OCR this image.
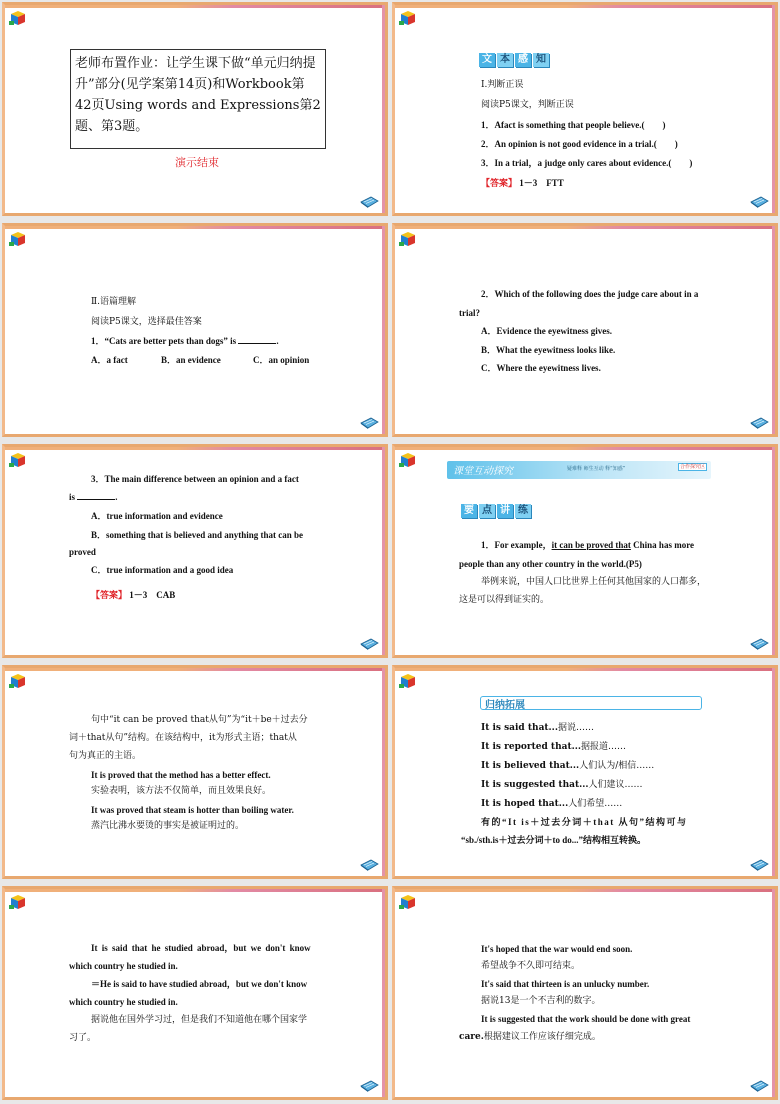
老师布置作业：让学生课下做“单元归纳提升”部分(见学案第14页)和Workbook第42页Using words and Expressions第2题、第3题。
演示结束
文 本 感 知
Ⅰ.判断正误
阅读P5课文，判断正误
1．Afact is something that people believe.(　　)
2．An opinion is not good evidence in a trial.(　　)
3．In a trial，a judge only cares about evidence.(　　)
【答案】 1－3　FTT
Ⅱ.语篇理解
阅读P5课文，选择最佳答案
1．“Cats are better pets than dogs” is	.
A．a fact	B．an evidence	C．an opinion
2．Which of the following does the judge care about in a
trial?
A．Evidence the eyewitness gives.
B．What the eyewitness looks like.
C．Where the eyewitness lives.
3．The main difference between an opinion and a fact
is	.
A．true information and evidence
B．something that is believed and anything that can be
proved
C．true information and a good idea
【答案】 1－3　CAB
课堂互动探究	疑难释 师生互动 释“知惑”	合作探究区
要 点 讲 练
1．For example，it can be proved that China has more
people than any other country in the world.(P5)
举例来说，中国人口比世界上任何其他国家的人口都多，
这是可以得到证实的。
句中“it can be proved that从句”为“it＋be＋过去分
词＋that从句”结构。在该结构中，it为形式主语；that从
句为真正的主语。
It is proved that the method has a better effect.
实验表明，该方法不仅简单，而且效果良好。
It was proved that steam is hotter than boiling water.
蒸汽比沸水要烫的事实是被证明过的。
归纳拓展
It is said that...据说……
It is reported that...据报道……
It is believed that...人们认为/相信……
It is suggested that...人们建议……
It is hoped that...人们希望……
有的“It is＋过去分词＋that 从句”结构可与
“sb./sth.is＋过去分词＋to do...”结构相互转换。
It is said that he studied abroad，but we don't know
which country he studied in.
＝He is said to have studied abroad，but we don't know
which country he studied in.
据说他在国外学习过，但是我们不知道他在哪个国家学
习了。
It's hoped that the war would end soon.
希望战争不久即可结束。
It's said that thirteen is an unlucky number.
据说13是一个不吉利的数字。
It is suggested that the work should be done with great
care.根据建议工作应该仔细完成。
